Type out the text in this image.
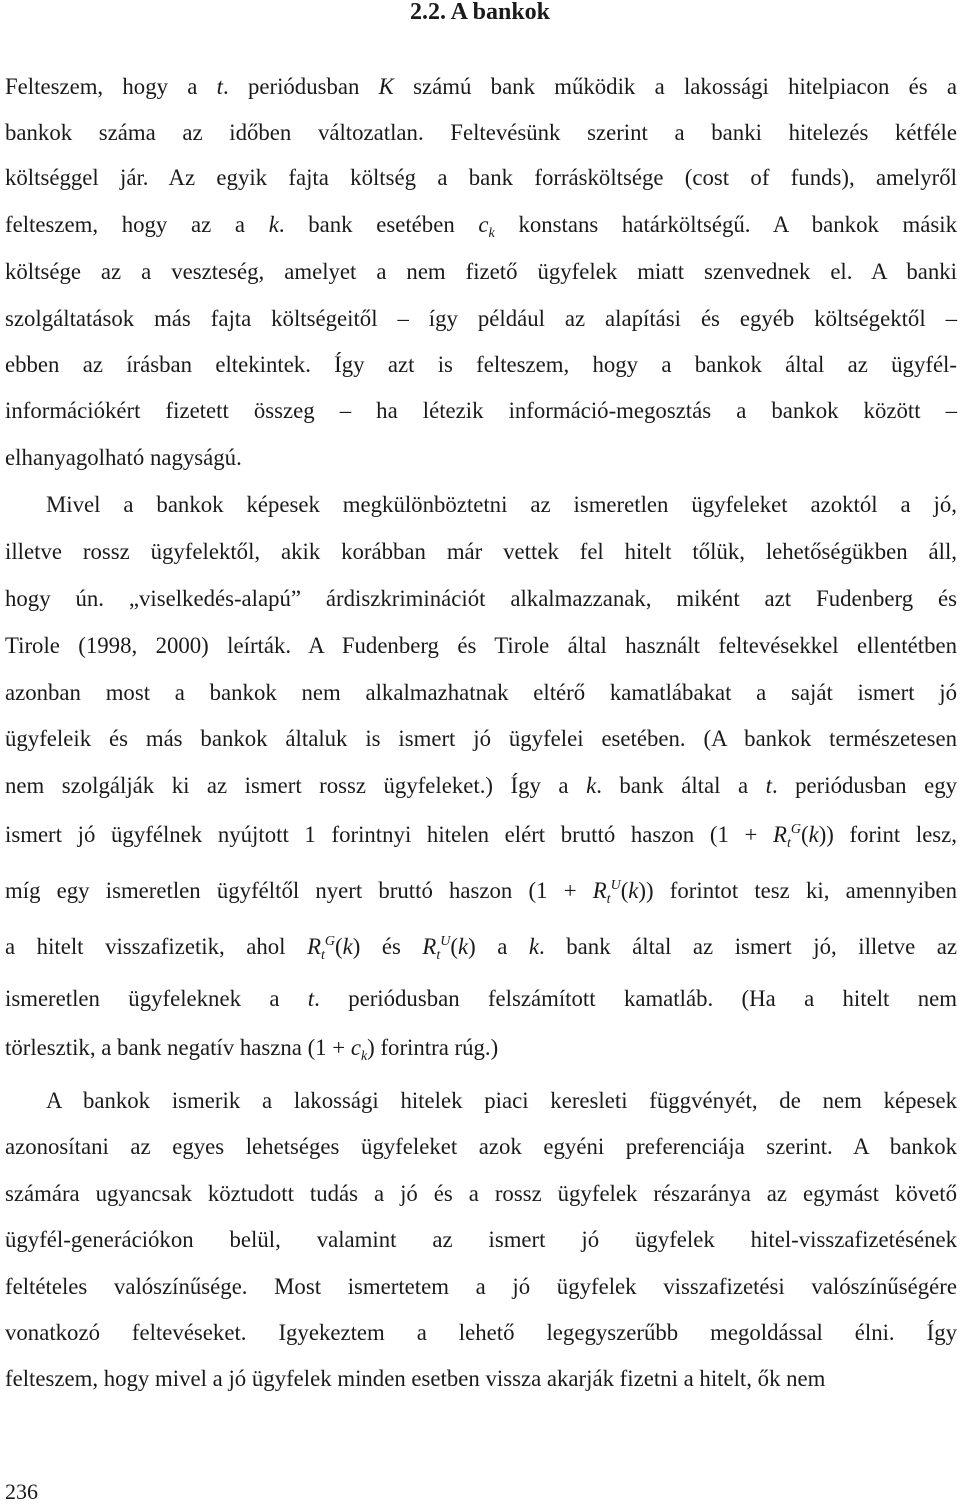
2.2. A bankok

Felteszem, hogy a t. periódusban K számú bank működik a lakossági hitelpiacon és a

bankok száma az időben változatlan. Feltevésünk szerint a banki hitelezés kétféle

költséggel jár. Az egyik fajta költség a bank forrásköltsége (cost of funds), amelyről

felteszem, hogy az a k. bank esetében $c_k$ konstans határköltségű. A bankok másik

költsége az a veszteség, amelyet a nem fizető ügyfelek miatt szenvednek el. A banki

szolgáltatások más fajta költségeitől – így például az alapítási és egyéb költségektől –

ebben az írásban eltekintek. Így azt is felteszem, hogy a bankok által az ügyfél-

információkért fizetett összeg – ha létezik információ-megosztás a bankok között –

elhanyagolható nagyságú.

Mivel a bankok képesek megkülönböztetni az ismeretlen ügyfeleket azoktól a jó,

illetve rossz ügyfelektől, akik korábban már vettek fel hitelt tőlük, lehetőségükben áll,

hogy ún. „viselkedés-alapú” árdiszkriminációt alkalmazzanak, miként azt Fudenberg és

Tirole (1998, 2000) leírták. A Fudenberg és Tirole által használt feltevésekkel ellentétben

azonban most a bankok nem alkalmazhatnak eltérő kamatlábakat a saját ismert jó

ügyfeleik és más bankok általuk is ismert jó ügyfelei esetében. (A bankok természetesen

nem szolgálják ki az ismert rossz ügyfeleket.) Így a k. bank által a t. periódusban egy

ismert jó ügyfélnek nyújtott 1 forintnyi hitelen elért bruttó haszon $(1 + R_t^G(k))$ forint lesz,

míg egy ismeretlen ügyféltől nyert bruttó haszon $(1 + R_t^U(k))$ forintot tesz ki, amennyiben

a hitelt visszafizetik, ahol $R_t^G(k)$ és $R_t^U(k)$ a k. bank által az ismert jó, illetve az

ismeretlen ügyfeleknek a t. periódusban felszámított kamatláb. (Ha a hitelt nem

törlesztik, a bank negatív haszna $(1 + c_k)$ forintra rúg.)

A bankok ismerik a lakossági hitelek piaci keresleti függvényét, de nem képesek

azonosítani az egyes lehetséges ügyfeleket azok egyéni preferenciája szerint. A bankok

számára ugyancsak köztudott tudás a jó és a rossz ügyfelek részaránya az egymást követő

ügyfél-generációkon belül, valamint az ismert jó ügyfelek hitel-visszafizetésének

feltételes valószínűsége. Most ismertetem a jó ügyfelek visszafizetési valószínűségére

vonatkozó feltevéseket. Igyekeztem a lehető legegyszerűbb megoldással élni. Így

felteszem, hogy mivel a jó ügyfelek minden esetben vissza akarják fizetni a hitelt, ők nem

236
